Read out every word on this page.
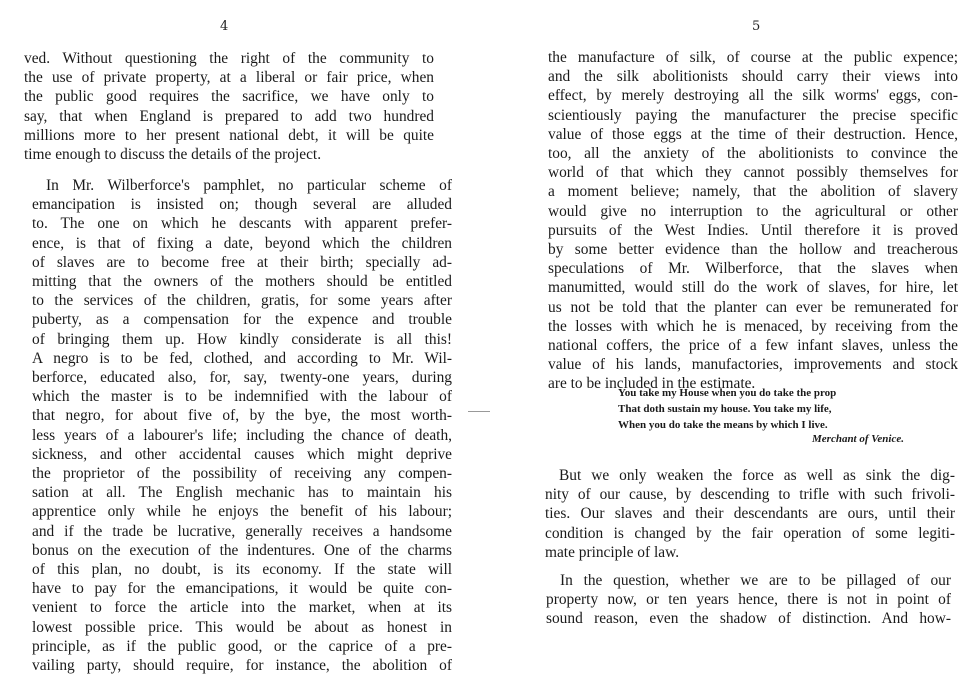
4
ved. Without questioning the right of the community to
the use of private property, at a liberal or fair price, when
the public good requires the sacrifice, we have only to
say, that when England is prepared to add two hundred
millions more to her present national debt, it will be quite
time enough to discuss the details of the project.
In Mr. Wilberforce's pamphlet, no particular scheme of
emancipation is insisted on; though several are alluded
to. The one on which he descants with apparent prefer-
ence, is that of fixing a date, beyond which the children
of slaves are to become free at their birth; specially ad-
mitting that the owners of the mothers should be entitled
to the services of the children, gratis, for some years after
puberty, as a compensation for the expence and trouble
of bringing them up. How kindly considerate is all this!
A negro is to be fed, clothed, and according to Mr. Wil-
berforce, educated also, for, say, twenty-one years, during
which the master is to be indemnified with the labour of
that negro, for about five of, by the bye, the most worth-
less years of a labourer's life; including the chance of death,
sickness, and other accidental causes which might deprive
the proprietor of the possibility of receiving any compen-
sation at all. The English mechanic has to maintain his
apprentice only while he enjoys the benefit of his labour;
and if the trade be lucrative, generally receives a handsome
bonus on the execution of the indentures. One of the charms
of this plan, no doubt, is its economy. If the state will
have to pay for the emancipations, it would be quite con-
venient to force the article into the market, when at its
lowest possible price. This would be about as honest in
principle, as if the public good, or the caprice of a pre-
vailing party, should require, for instance, the abolition of
5
the manufacture of silk, of course at the public expence;
and the silk abolitionists should carry their views into
effect, by merely destroying all the silk worms' eggs, con-
scientiously paying the manufacturer the precise specific
value of those eggs at the time of their destruction. Hence,
too, all the anxiety of the abolitionists to convince the
world of that which they cannot possibly themselves for
a moment believe; namely, that the abolition of slavery
would give no interruption to the agricultural or other
pursuits of the West Indies. Until therefore it is proved
by some better evidence than the hollow and treacherous
speculations of Mr. Wilberforce, that the slaves when
manumitted, would still do the work of slaves, for hire, let
us not be told that the planter can ever be remunerated for
the losses with which he is menaced, by receiving from the
national coffers, the price of a few infant slaves, unless the
value of his lands, manufactories, improvements and stock
are to be included in the estimate.
You take my House when you do take the prop
That doth sustain my house. You take my life,
When you do take the means by which I live.
Merchant of Venice.
But we only weaken the force as well as sink the dig-
nity of our cause, by descending to trifle with such frivoli-
ties. Our slaves and their descendants are ours, until their
condition is changed by the fair operation of some legiti-
mate principle of law.
In the question, whether we are to be pillaged of our
property now, or ten years hence, there is not in point of
sound reason, even the shadow of distinction. And how-
